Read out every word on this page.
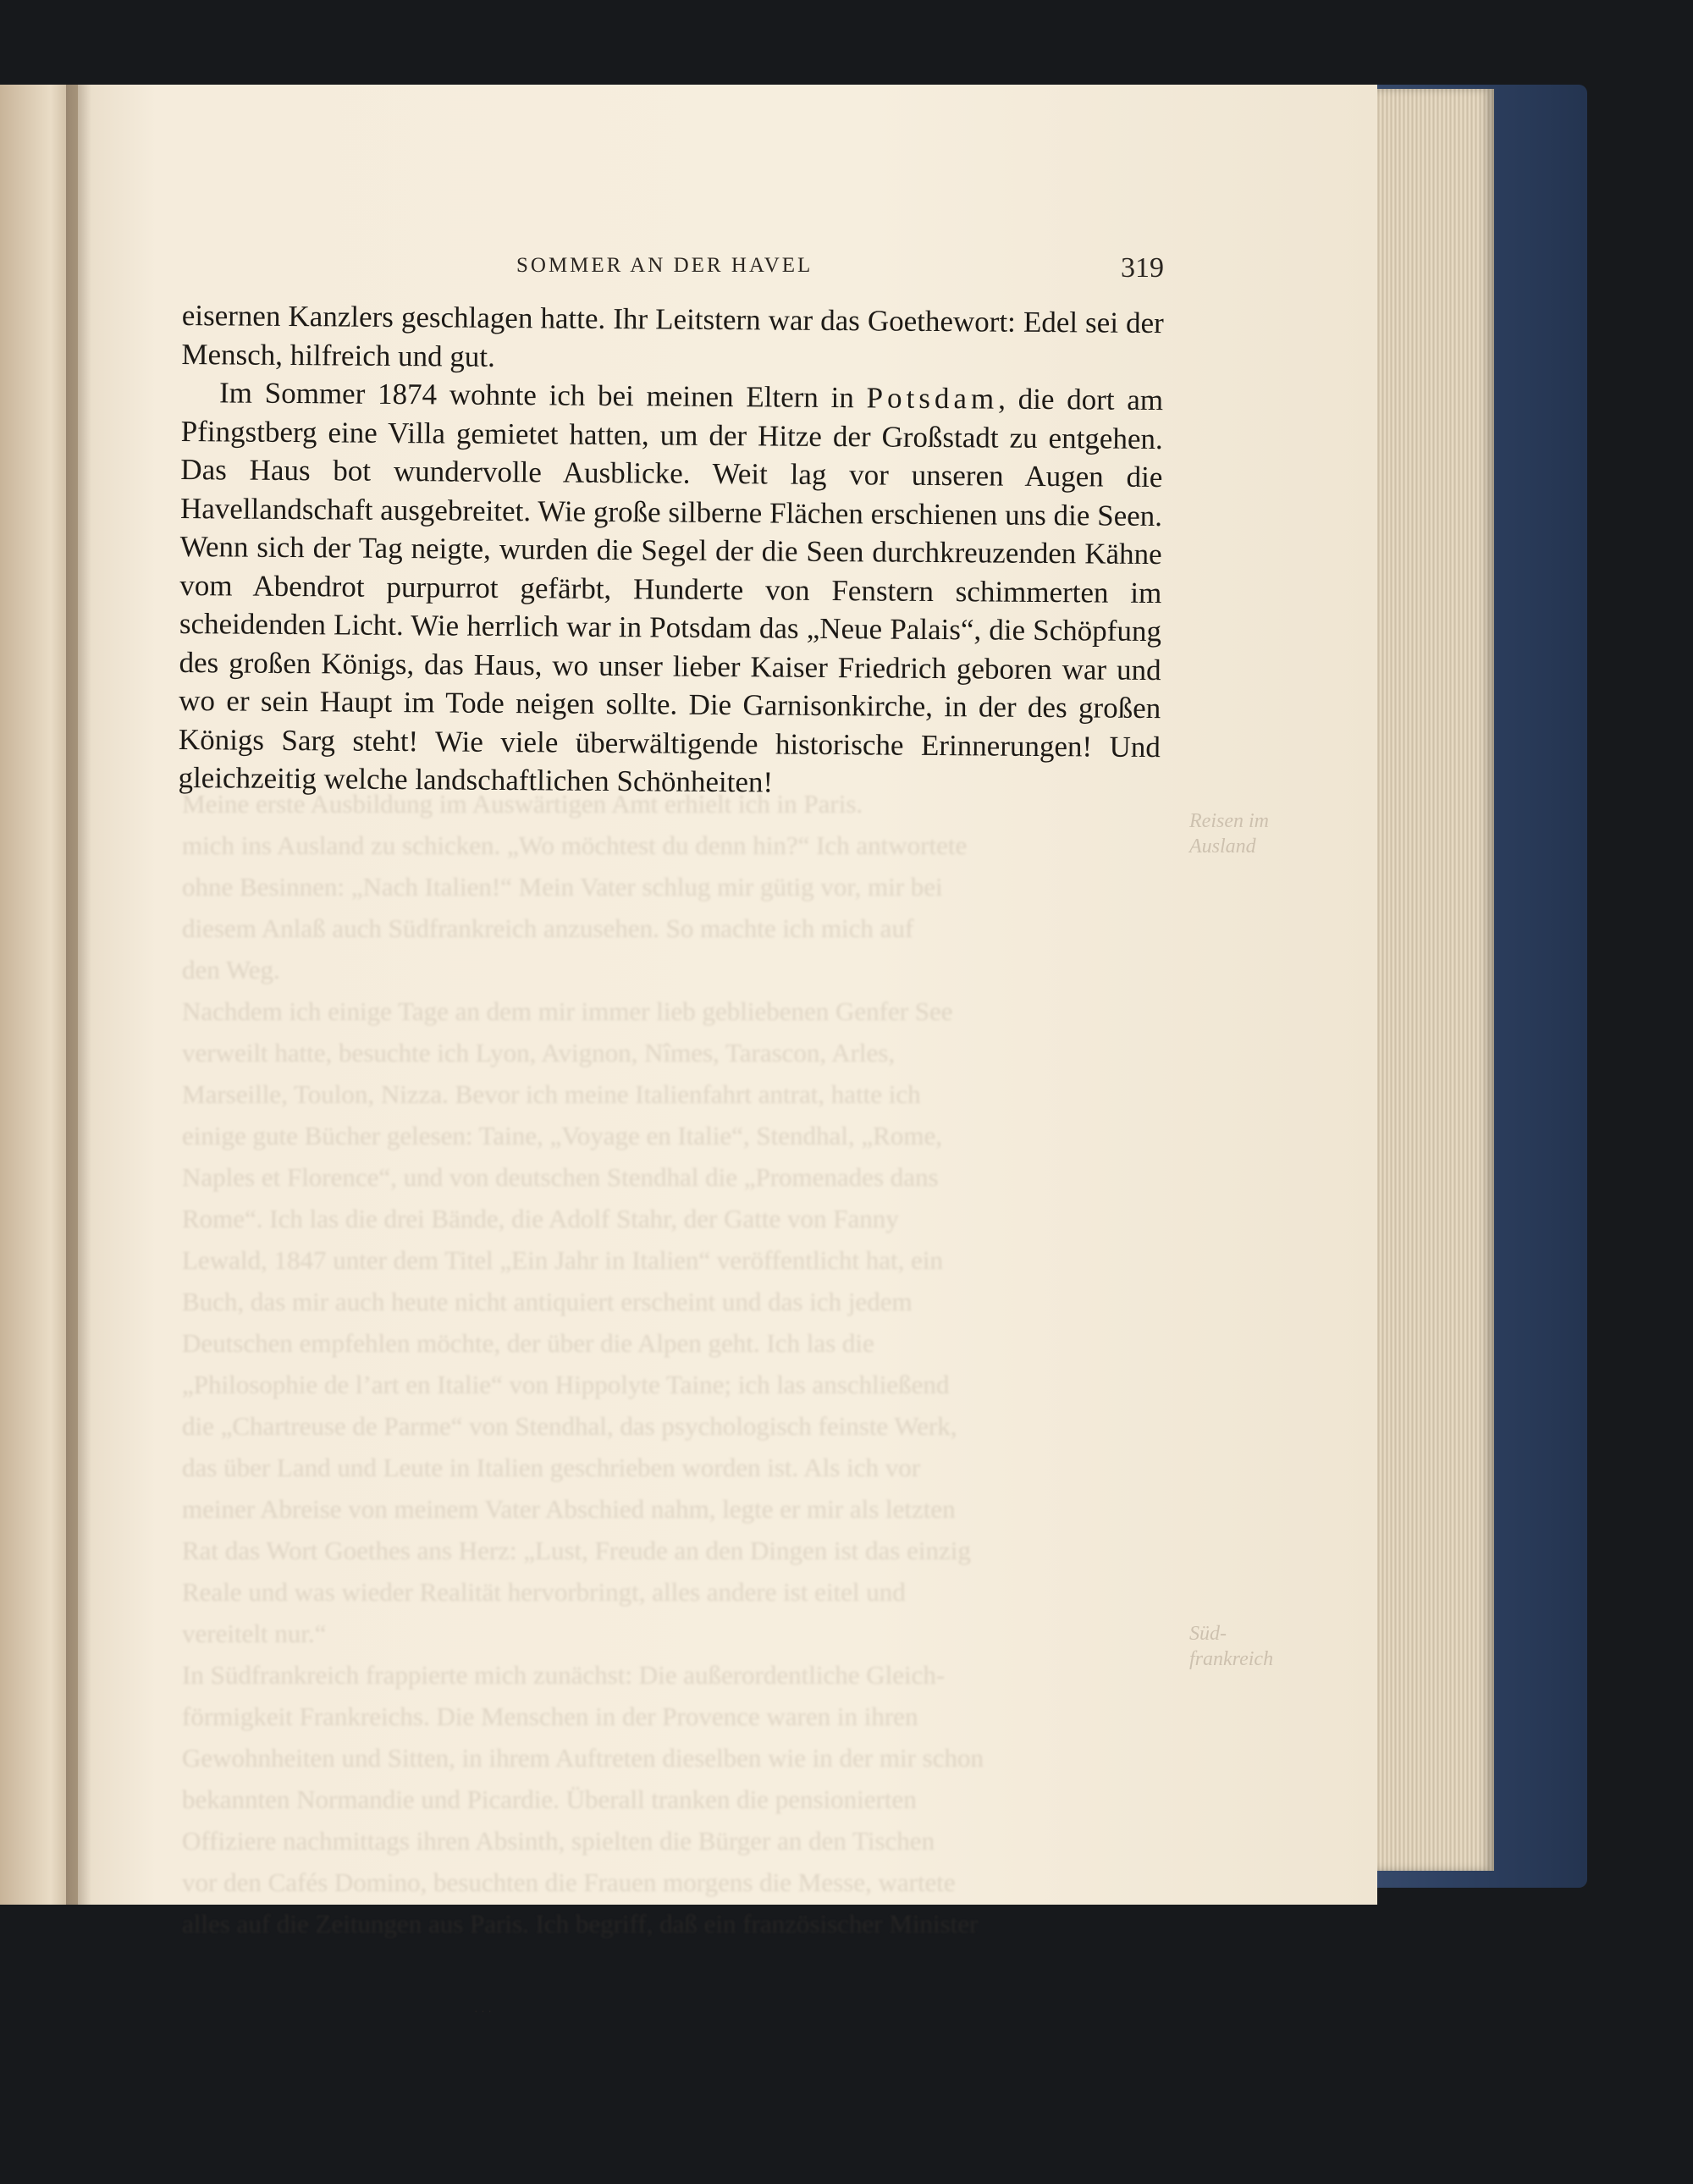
Meine erste Ausbildung im Auswärtigen Amt erhielt ich in Paris.
mich ins Ausland zu schicken. „Wo möchtest du denn hin?“ Ich antwortete
ohne Besinnen: „Nach Italien!“ Mein Vater schlug mir gütig vor, mir bei
diesem Anlaß auch Südfrankreich anzusehen. So machte ich mich auf
den Weg.
Nachdem ich einige Tage an dem mir immer lieb gebliebenen Genfer See
verweilt hatte, besuchte ich Lyon, Avignon, Nîmes, Tarascon, Arles,
Marseille, Toulon, Nizza. Bevor ich meine Italienfahrt antrat, hatte ich
einige gute Bücher gelesen: Taine, „Voyage en Italie“, Stendhal, „Rome,
Naples et Florence“, und von deutschen Stendhal die „Promenades dans
Rome“. Ich las die drei Bände, die Adolf Stahr, der Gatte von Fanny
Lewald, 1847 unter dem Titel „Ein Jahr in Italien“ veröffentlicht hat, ein
Buch, das mir auch heute nicht antiquiert erscheint und das ich jedem
Deutschen empfehlen möchte, der über die Alpen geht. Ich las die
„Philosophie de l’art en Italie“ von Hippolyte Taine; ich las anschließend
die „Chartreuse de Parme“ von Stendhal, das psychologisch feinste Werk,
das über Land und Leute in Italien geschrieben worden ist. Als ich vor
meiner Abreise von meinem Vater Abschied nahm, legte er mir als letzten
Rat das Wort Goethes ans Herz: „Lust, Freude an den Dingen ist das einzig
Reale und was wieder Realität hervorbringt, alles andere ist eitel und
vereitelt nur.“
In Südfrankreich frappierte mich zunächst: Die außerordentliche Gleich-
förmigkeit Frankreichs. Die Menschen in der Provence waren in ihren
Gewohnheiten und Sitten, in ihrem Auftreten dieselben wie in der mir schon
bekannten Normandie und Picardie. Überall tranken die pensionierten
Offiziere nachmittags ihren Absinth, spielten die Bürger an den Tischen
vor den Cafés Domino, besuchten die Frauen morgens die Messe, wartete
alles auf die Zeitungen aus Paris. Ich begriff, daß ein französischer Minister
Reisen im Ausland
Süd-frankreich
SOMMER AN DER HAVEL	319

eisernen Kanzlers geschlagen hatte. Ihr Leitstern war das Goethewort: Edel sei der Mensch, hilfreich und gut.

Im Sommer 1874 wohnte ich bei meinen Eltern in Potsdam, die dort am Pfingstberg eine Villa gemietet hatten, um der Hitze der Großstadt zu entgehen. Das Haus bot wundervolle Ausblicke. Weit lag vor unseren Augen die Havellandschaft ausgebreitet. Wie große silberne Flächen erschienen uns die Seen. Wenn sich der Tag neigte, wurden die Segel der die Seen durchkreuzenden Kähne vom Abendrot purpurrot gefärbt, Hunderte von Fenstern schimmerten im scheidenden Licht. Wie herrlich war in Potsdam das „Neue Palais“, die Schöpfung des großen Königs, das Haus, wo unser lieber Kaiser Friedrich geboren war und wo er sein Haupt im Tode neigen sollte. Die Garnisonkirche, in der des großen Königs Sarg steht! Wie viele überwältigende historische Erinnerungen! Und gleichzeitig welche landschaftlichen Schönheiten!

· · ·
